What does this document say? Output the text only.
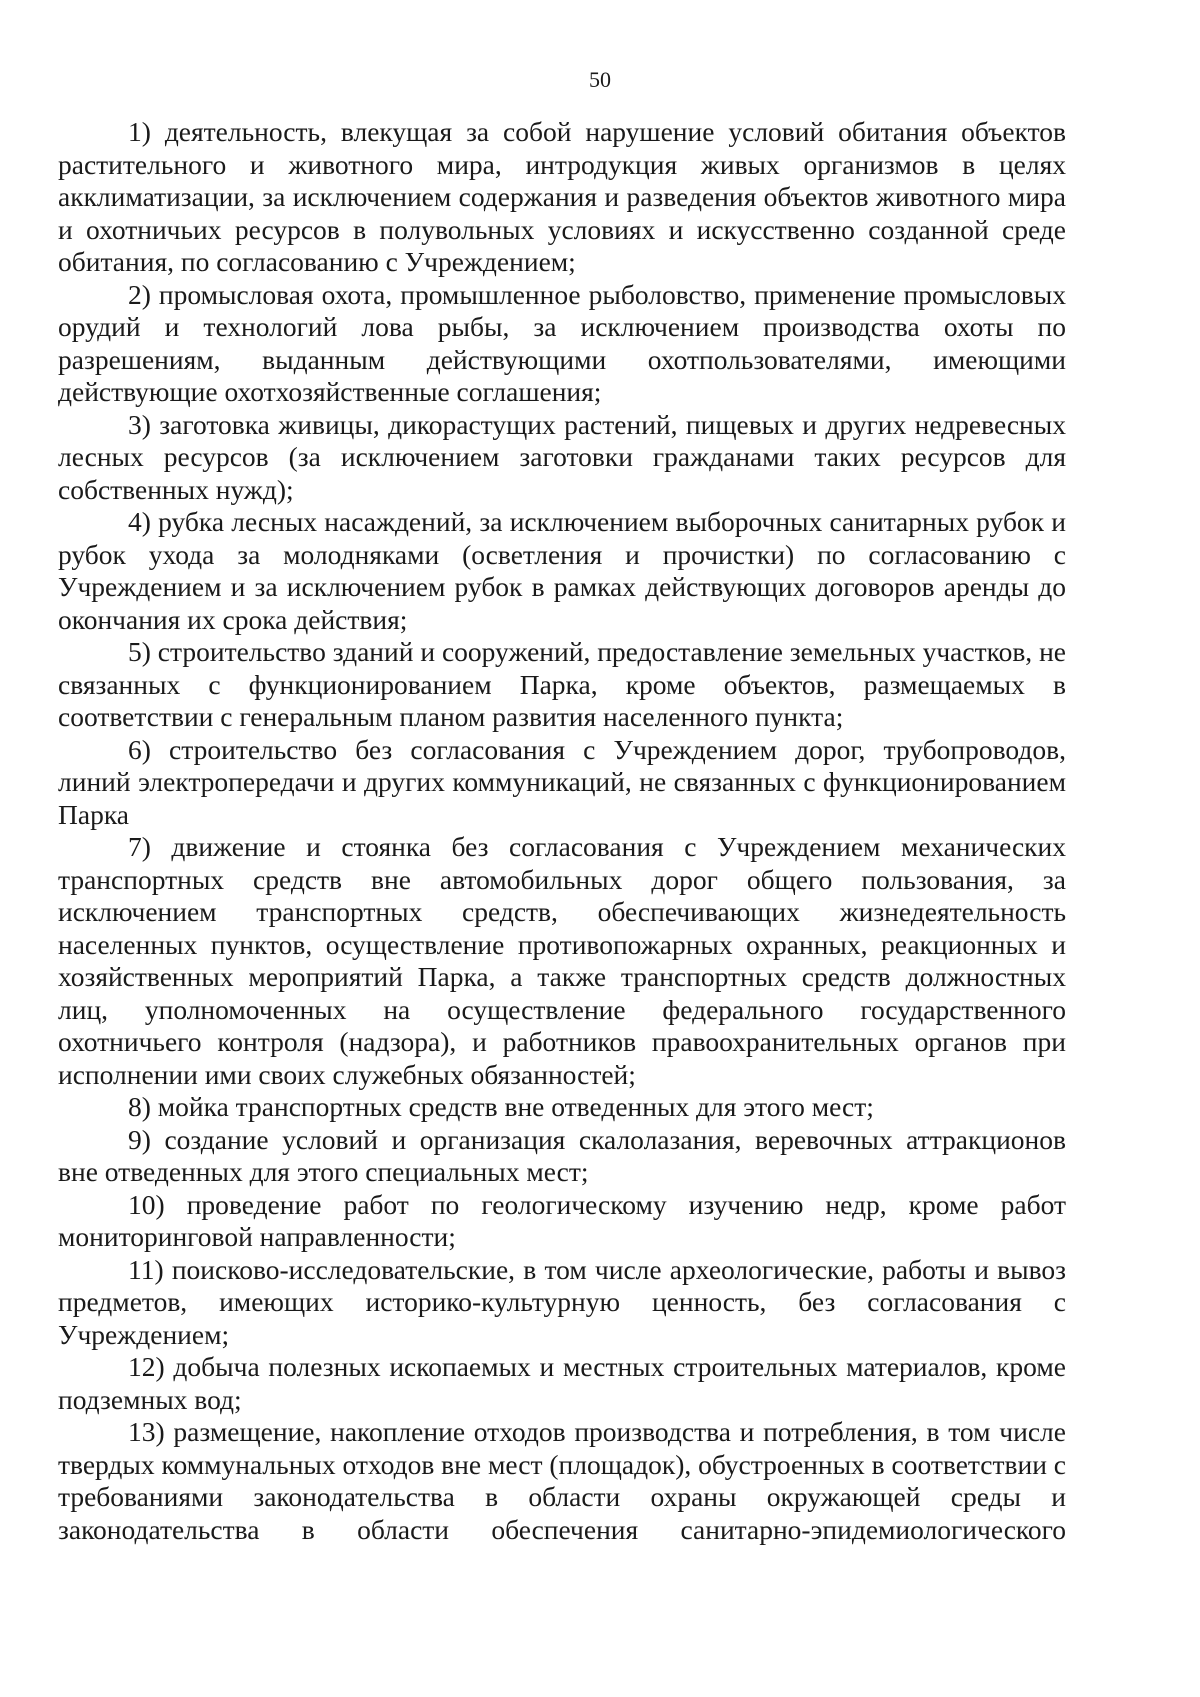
50

1) деятельность, влекущая за собой нарушение условий обитания объектов растительного и животного мира, интродукция живых организмов в целях акклиматизации, за исключением содержания и разведения объектов животного мира и охотничьих ресурсов в полувольных условиях и искусственно созданной среде обитания, по согласованию с Учреждением;

2) промысловая охота, промышленное рыболовство, применение промысловых орудий и технологий лова рыбы, за исключением производства охоты по разрешениям, выданным действующими охотпользователями, имеющими действующие охотхозяйственные соглашения;

3) заготовка живицы, дикорастущих растений, пищевых и других недревесных лесных ресурсов (за исключением заготовки гражданами таких ресурсов для собственных нужд);

4) рубка лесных насаждений, за исключением выборочных санитарных рубок и рубок ухода за молодняками (осветления и прочистки) по согласованию с Учреждением и за исключением рубок в рамках действующих договоров аренды до окончания их срока действия;

5) строительство зданий и сооружений, предоставление земельных участков, не связанных с функционированием Парка, кроме объектов, размещаемых в соответствии с генеральным планом развития населенного пункта;

6) строительство без согласования с Учреждением дорог, трубопроводов, линий электропередачи и других коммуникаций, не связанных с функционированием Парка

7) движение и стоянка без согласования с Учреждением механических транспортных средств вне автомобильных дорог общего пользования, за исключением транспортных средств, обеспечивающих жизнедеятельность населенных пунктов, осуществление противопожарных охранных, реакционных и хозяйственных мероприятий Парка, а также транспортных средств должностных лиц, уполномоченных на осуществление федерального государственного охотничьего контроля (надзора), и работников правоохранительных органов при исполнении ими своих служебных обязанностей;

8) мойка транспортных средств вне отведенных для этого мест;

9) создание условий и организация скалолазания, веревочных аттракционов вне отведенных для этого специальных мест;

10) проведение работ по геологическому изучению недр, кроме работ мониторинговой направленности;

11) поисково-исследовательские, в том числе археологические, работы и вывоз предметов, имеющих историко-культурную ценность, без согласования с Учреждением;

12) добыча полезных ископаемых и местных строительных материалов, кроме подземных вод;

13) размещение, накопление отходов производства и потребления, в том числе твердых коммунальных отходов вне мест (площадок), обустроенных в соответствии с требованиями законодательства в области охраны окружающей среды и законодательства в области обеспечения санитарно-эпидемиологического
